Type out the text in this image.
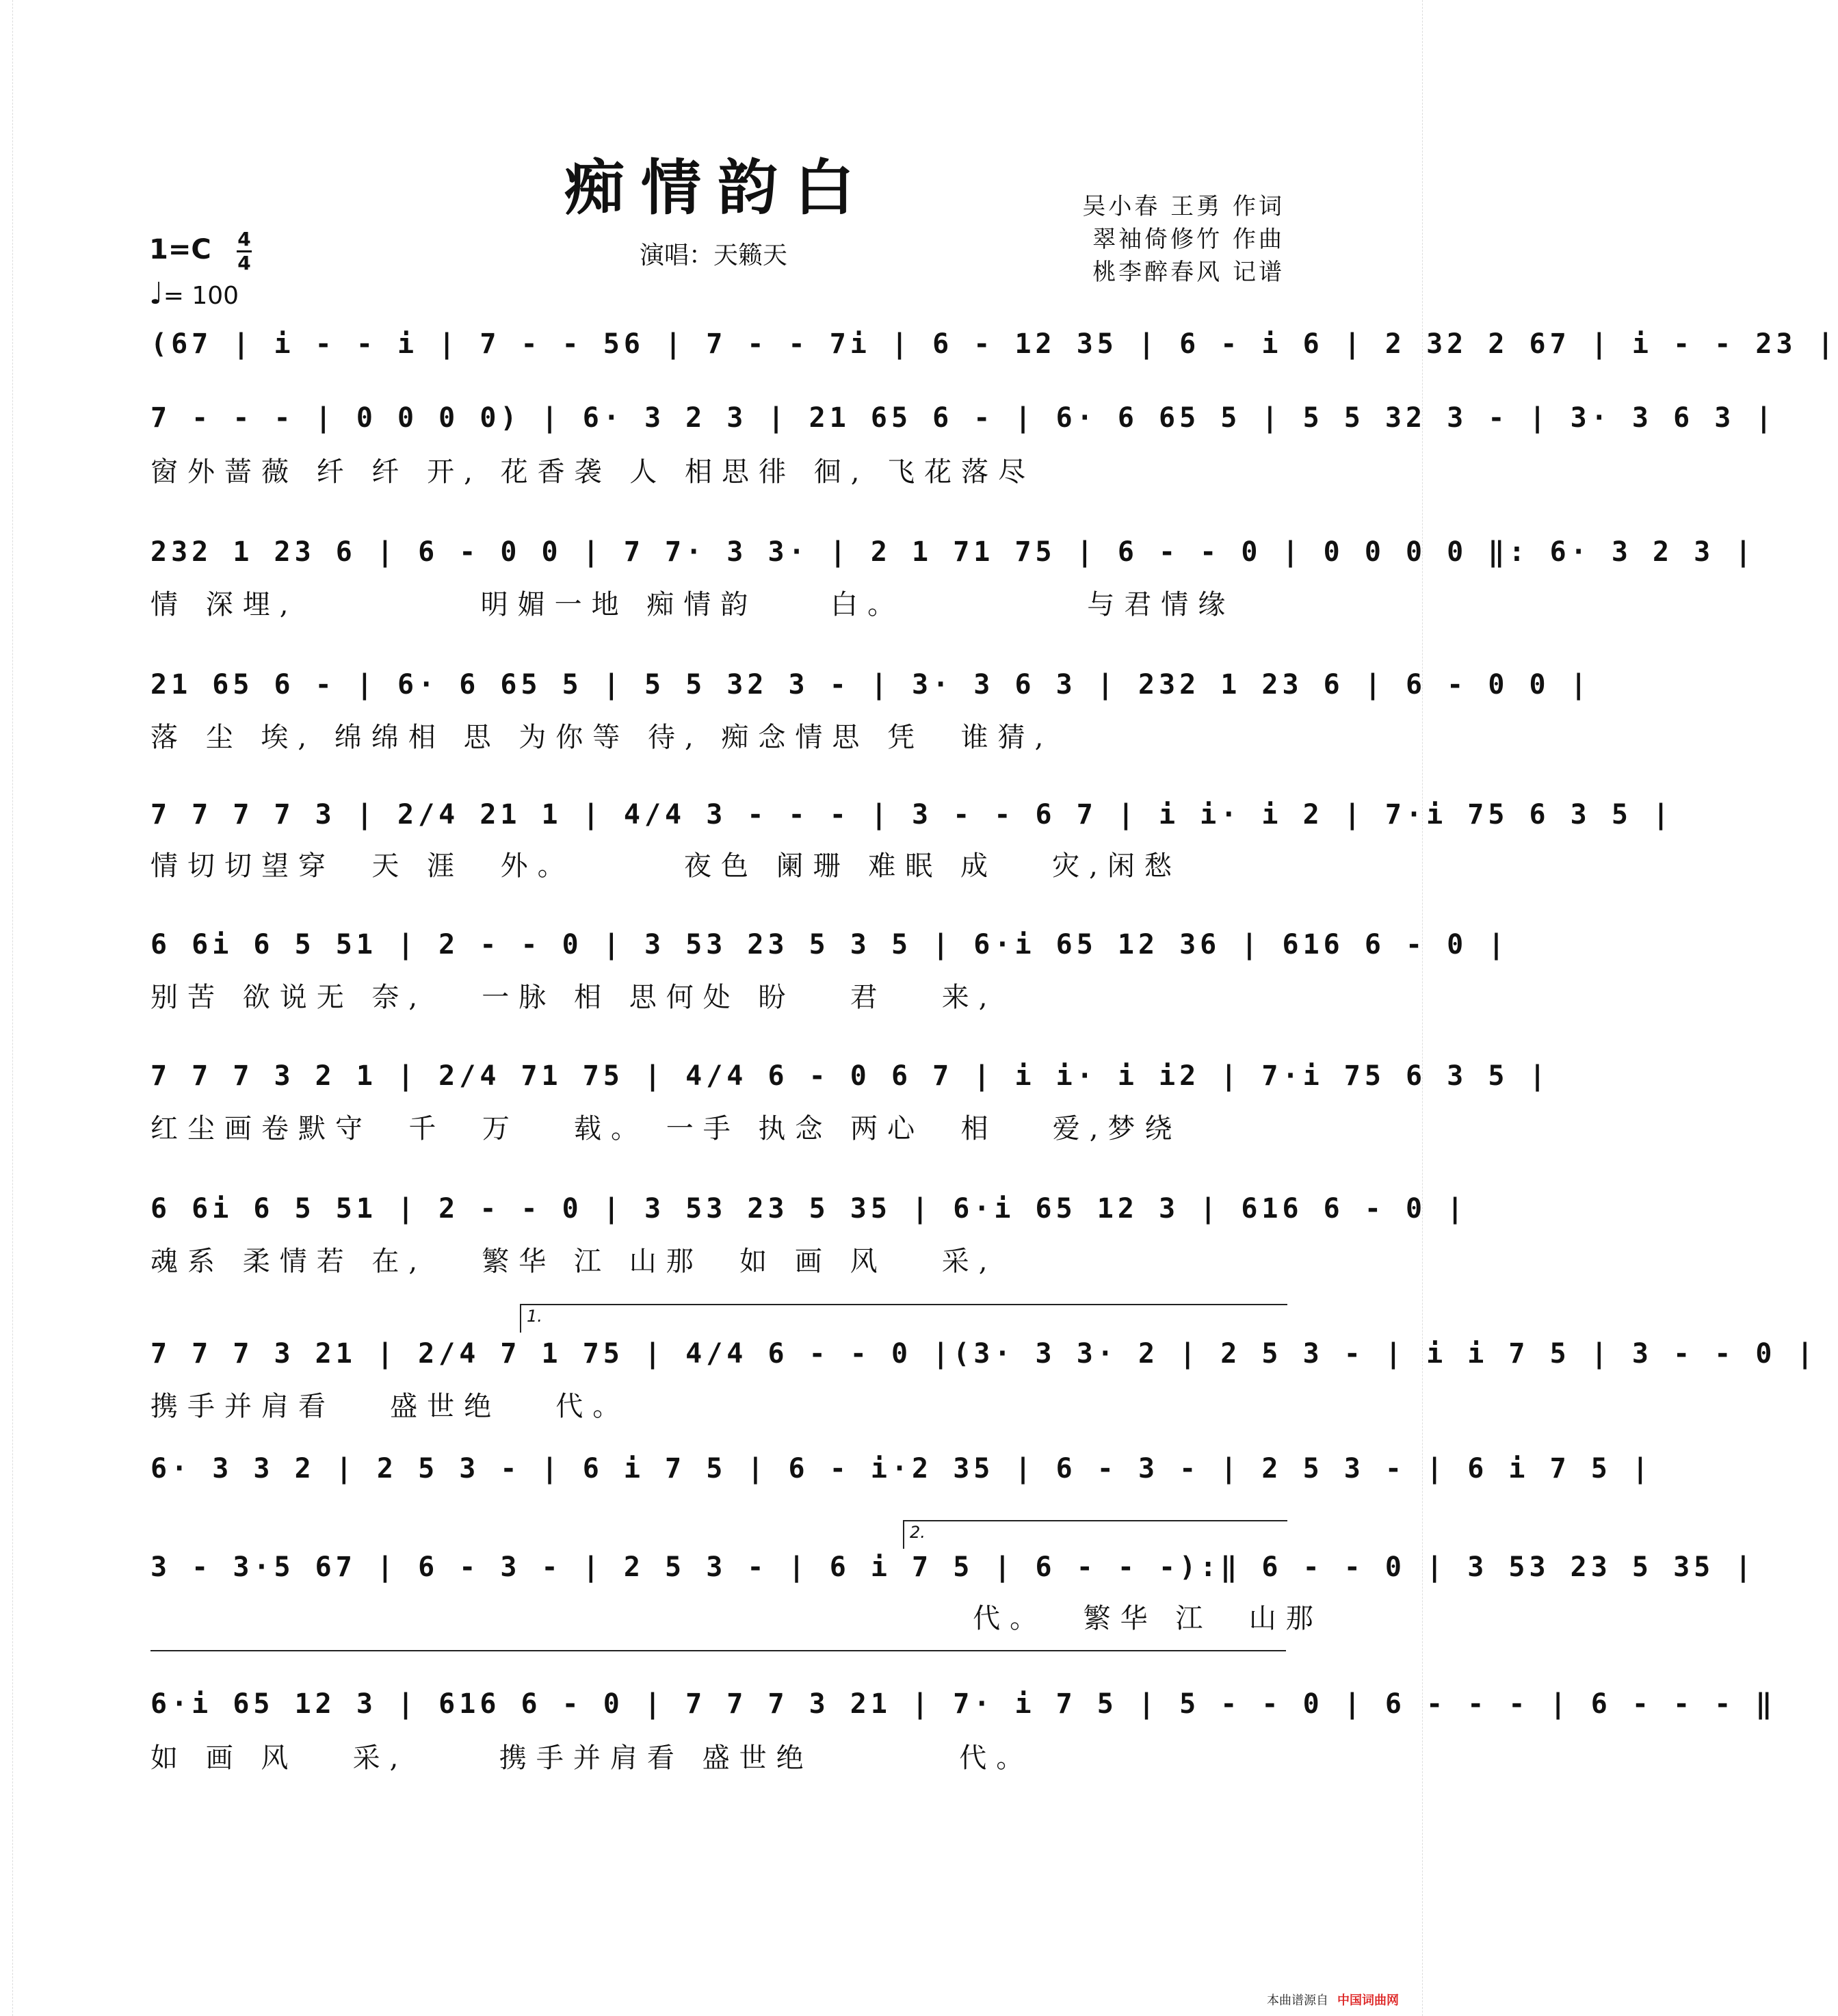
痴情韵白
演唱：天籁天
吴小春 王勇 作词
翠袖倚修竹 作曲
桃李醉春风 记谱
1=C 4
4
♩= 100
(67 | i - - i | 7 - - 56 | 7 - - 7i | 6 - 12 35 | 6 - i 6 | 2 32 2 67 | i - - 23 |
7 - - - | 0 0 0 0) | 6· 3 2 3 | 21 65 6 - | 6· 6 65 5 | 5 5 32 3 - | 3· 3 6 3 |
窗外蔷薇 纤 纤 开, 花香袭 人 相思徘 徊, 飞花落尽
232 1 23 6 | 6 - 0 0 | 7 7· 3 3· | 2 1 71 75 | 6 - - 0 | 0 0 0 0 ‖: 6· 3 2 3 |
情 深埋,          明媚一地 痴情韵    白。          与君情缘
21 65 6 - | 6· 6 65 5 | 5 5 32 3 - | 3· 3 6 3 | 232 1 23 6 | 6 - 0 0 |
落 尘 埃, 绵绵相 思 为你等 待, 痴念情思 凭  谁猜,
7 7 7 7 3 | 2/4 21 1 | 4/4 3 - - - | 3 - - 6 7 | i i· i 2 | 7·i 75 6 3 5 |
情切切望穿  天 涯  外。      夜色 阑珊 难眠 成   灾,闲愁
6 6i 6 5 51 | 2 - - 0 | 3 53 23 5 3 5 | 6·i 65 12 36 | 616 6 - 0 |
别苦 欲说无 奈,   一脉 相 思何处 盼   君   来,
7 7 7 3 2 1 | 2/4 71 75 | 4/4 6 - 0 6 7 | i i· i i2 | 7·i 75 6 3 5 |
红尘画卷默守  千  万   载。 一手 执念 两心  相   爱,梦绕
6 6i 6 5 51 | 2 - - 0 | 3 53 23 5 35 | 6·i 65 12 3 | 616 6 - 0 |
魂系 柔情若 在,   繁华 江 山那  如 画 风   采,
1.
7 7 7 3 21 | 2/4 7 1 75 | 4/4 6 - - 0 |(3· 3 3· 2 | 2 5 3 - | i i 7 5 | 3 - - 0 |
携手并肩看   盛世绝   代。
6· 3 3 2 | 2 5 3 - | 6 i 7 5 | 6 - i·2 35 | 6 - 3 - | 2 5 3 - | 6 i 7 5 |
2.
3 - 3·5 67 | 6 - 3 - | 2 5 3 - | 6 i 7 5 | 6 - - -):‖ 6 - - 0 | 3 53 23 5 35 |
代。  繁华 江  山那
6·i 65 12 3 | 616 6 - 0 | 7 7 7 3 21 | 7· i 7 5 | 5 - - 0 | 6 - - - | 6 - - - ‖
如 画 风   采,     携手并肩看 盛世绝        代。
本曲谱源自 中国词曲网
